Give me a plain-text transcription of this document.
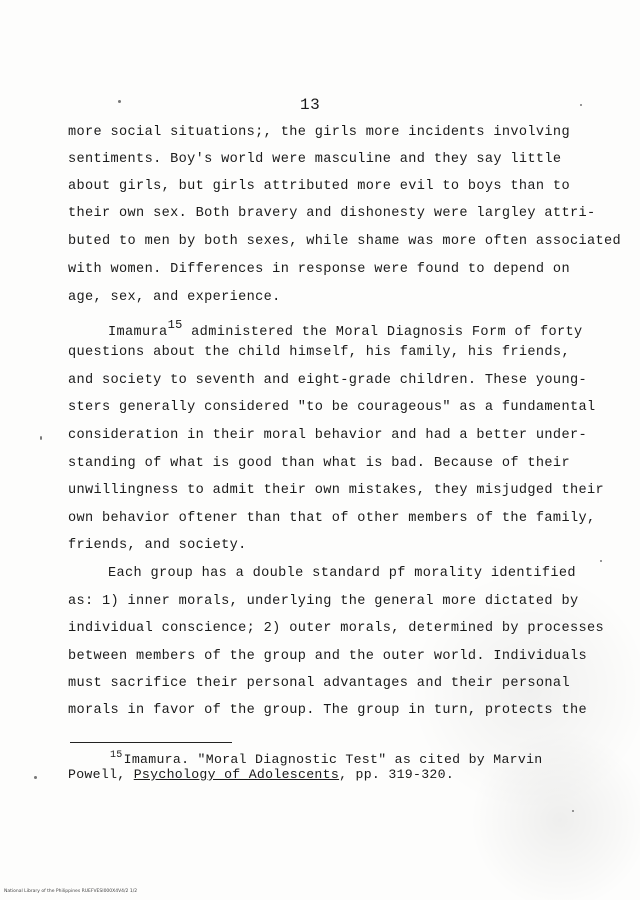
13
more social situations;, the girls more incidents involving
sentiments. Boy's world were masculine and they say little
about girls, but girls attributed more evil to boys than to
their own sex. Both bravery and dishonesty were largley attri-
buted to men by both sexes, while shame was more often associated
with women. Differences in response were found to depend on
age, sex, and experience.
Imamura15 administered the Moral Diagnosis Form of forty
questions about the child himself, his family, his friends,
and society to seventh and eight-grade children. These young-
sters generally considered "to be courageous" as a fundamental
consideration in their moral behavior and had a better under-
standing of what is good than what is bad. Because of their
unwillingness to admit their own mistakes, they misjudged their
own behavior oftener than that of other members of the family,
friends, and society.
Each group has a double standard pf morality identified
as: 1) inner morals, underlying the general more dictated by
individual conscience; 2) outer morals, determined by processes
between members of the group and the outer world. Individuals
must sacrifice their personal advantages and their personal
morals in favor of the group. The group in turn, protects the
$^{15}$Imamura. "Moral Diagnostic Test" as cited by Marvin
Powell, Psychology of Adolescents, pp. 319-320.
National Library of the Philippines RUEFVESI000X4V4/2 1/2
